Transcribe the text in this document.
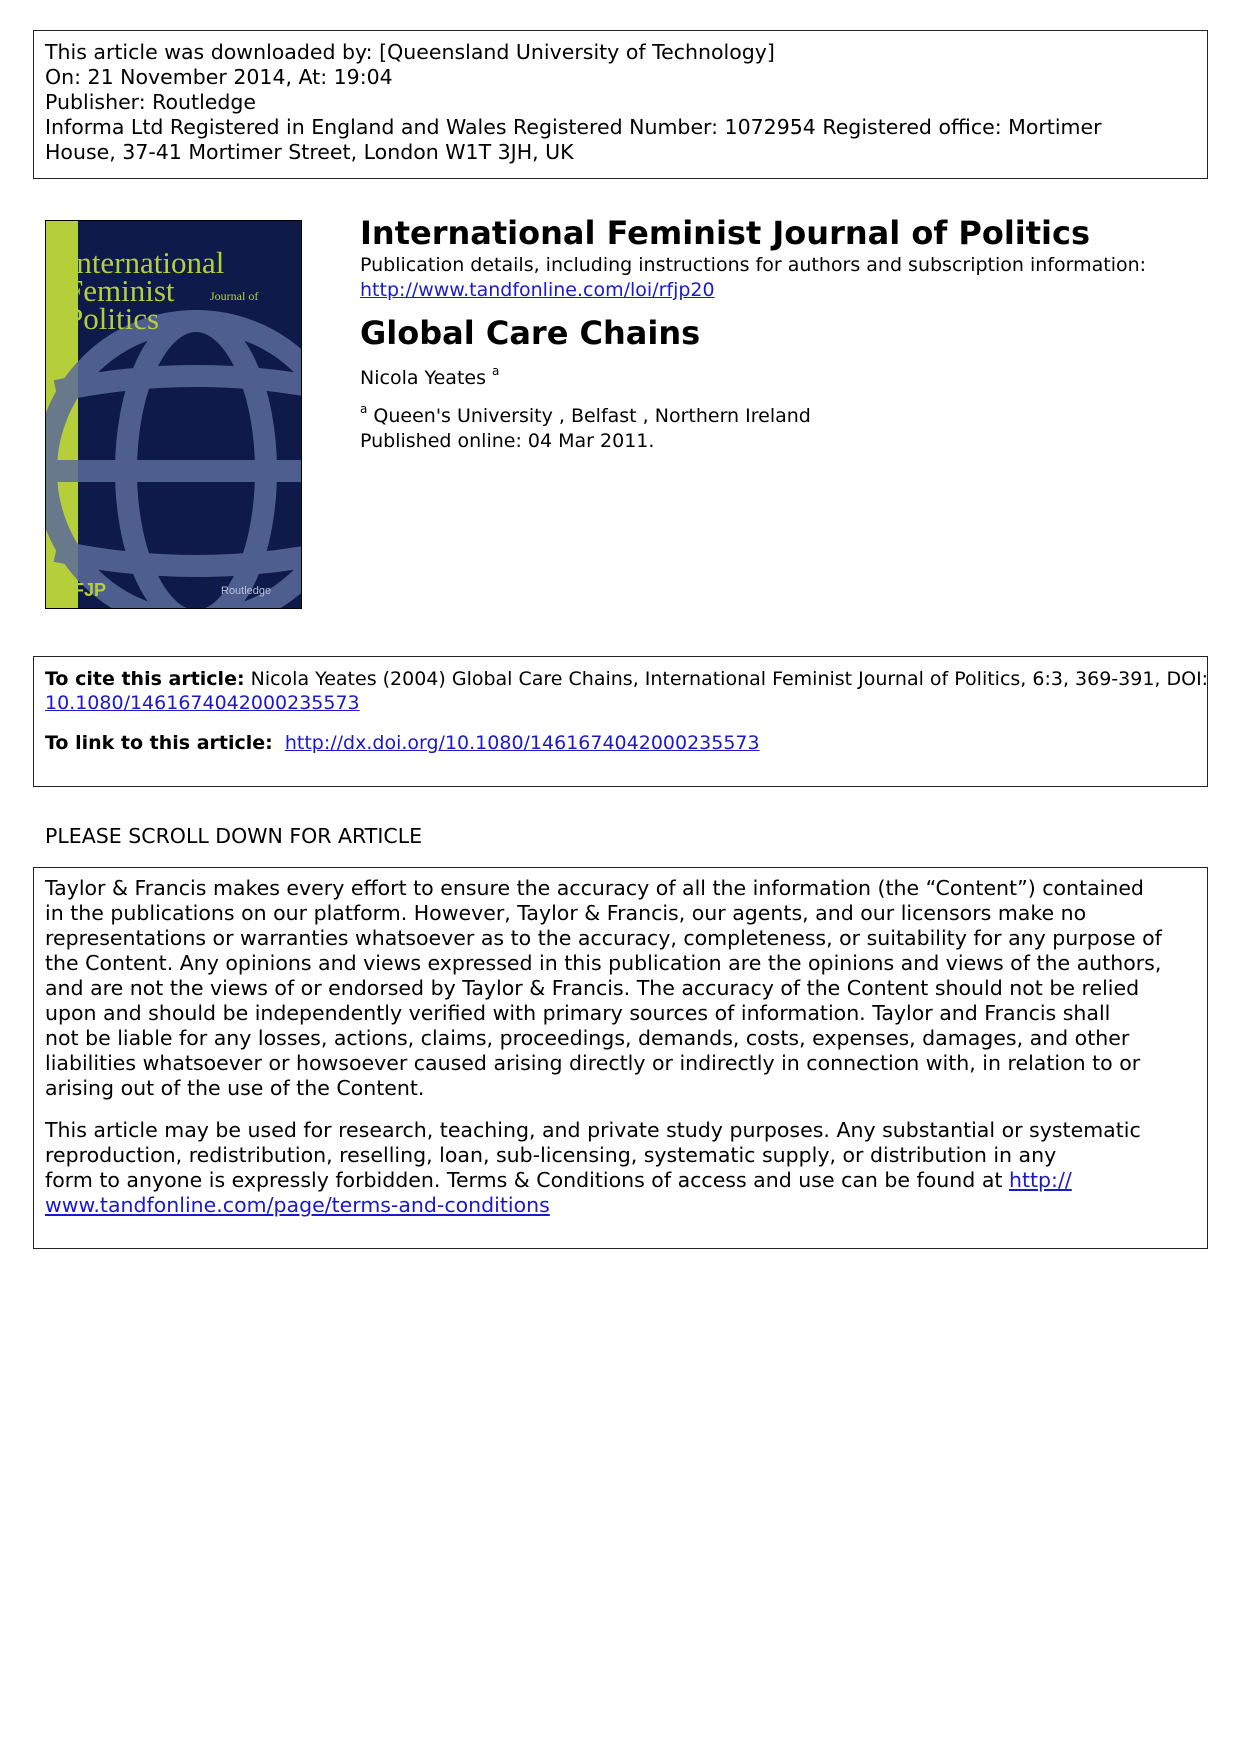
This article was downloaded by: [Queensland University of Technology]
On: 21 November 2014, At: 19:04
Publisher: Routledge
Informa Ltd Registered in England and Wales Registered Number: 1072954 Registered office: Mortimer
House, 37-41 Mortimer Street, London W1T 3JH, UK
International
Feminist	Journal of
Politics
IFJP	Routledge
International Feminist Journal of Politics
Publication details, including instructions for authors and subscription information:
http://www.tandfonline.com/loi/rfjp20
Global Care Chains
Nicola Yeates $^a$
$^a$ Queen's University , Belfast , Northern Ireland
Published online: 04 Mar 2011.
To cite this article: Nicola Yeates (2004) Global Care Chains, International Feminist Journal of Politics, 6:3, 369-391, DOI:
10.1080/1461674042000235573
To link to this article: http://dx.doi.org/10.1080/1461674042000235573
PLEASE SCROLL DOWN FOR ARTICLE
Taylor & Francis makes every effort to ensure the accuracy of all the information (the “Content”) contained
in the publications on our platform. However, Taylor & Francis, our agents, and our licensors make no
representations or warranties whatsoever as to the accuracy, completeness, or suitability for any purpose of
the Content. Any opinions and views expressed in this publication are the opinions and views of the authors,
and are not the views of or endorsed by Taylor & Francis. The accuracy of the Content should not be relied
upon and should be independently verified with primary sources of information. Taylor and Francis shall
not be liable for any losses, actions, claims, proceedings, demands, costs, expenses, damages, and other
liabilities whatsoever or howsoever caused arising directly or indirectly in connection with, in relation to or
arising out of the use of the Content.
This article may be used for research, teaching, and private study purposes. Any substantial or systematic
reproduction, redistribution, reselling, loan, sub-licensing, systematic supply, or distribution in any
form to anyone is expressly forbidden. Terms & Conditions of access and use can be found at http://
www.tandfonline.com/page/terms-and-conditions
